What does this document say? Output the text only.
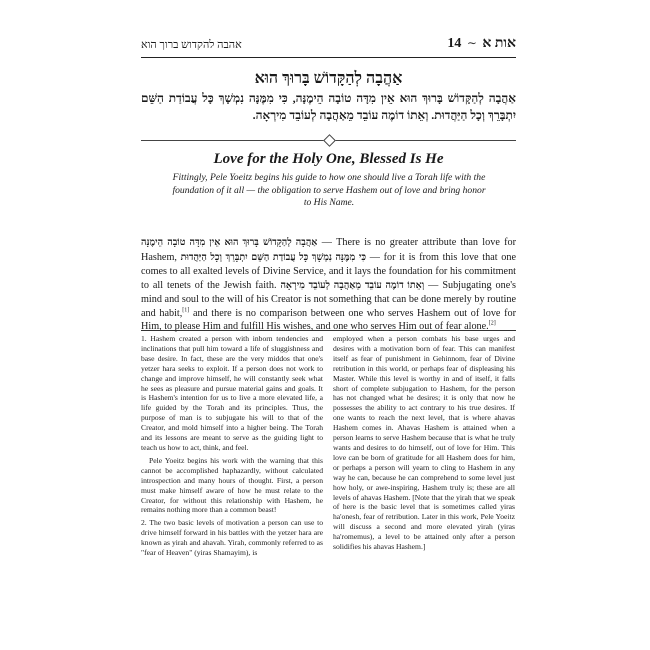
אהבה להקדוש ברוך הוא	אות א ∽ 14
אַהֲבָה לְהַקָּדוֹשׁ בָּרוּךְ הוּא
אַהֲבָה לְהַקָּדוֹשׁ בָּרוּךְ הוּא אֵין מִדָּה טוֹבָה הֵימֶנָּה, כִּי מִמֶּנָּה נִמְשָׁךְ כָּל עֲבוֹדַת הַשֵּׁם יִתְבָּרֵךְ וְכָל הַיַּהֲדוּת. וְאֵתוֹ דוֹמֶה עוֹבֵד מֵאַהֲבָה לְעוֹבֵד מִירְאָה.
Love for the Holy One, Blessed Is He
Fittingly, Pele Yoeitz begins his guide to how one should live a Torah life with the foundation of it all — the obligation to serve Hashem out of love and bring honor to His Name.
אַהֲבָה לְהַקָּדוֹשׁ בָּרוּךְ הוּא אֵין מִדָּה טוֹבָה הֵימֶנָּה — There is no greater attribute than love for Hashem, כִּי מִמֶּנָּה נִמְשָׁךְ כָּל עֲבוֹדַת הַשֵּׁם יִתְבָּרֵךְ וְכָל הַיַּהֲדוּת — for it is from this love that one comes to all exalted levels of Divine Service, and it lays the foundation for his commitment to all tenets of the Jewish faith. וְאֵתוֹ דוֹמֶה עוֹבֵד מֵאַהֲבָה לְעוֹבֵד מִירְאָה — Subjugating one's mind and soul to the will of his Creator is not something that can be done merely by routine and habit,[1] and there is no comparison between one who serves Hashem out of love for Him, to please Him and fulfill His wishes, and one who serves Him out of fear alone.[2]

1. Hashem created a person with inborn tendencies and inclinations that pull him toward a life of sluggishness and base desire. In fact, these are the very middos that one's yetzer hara seeks to exploit. If a person does not work to change and improve himself, he will constantly seek what he sees as pleasure and pursue material gains and goals. It is Hashem's intention for us to live a more elevated life, a life guided by the Torah and its principles. Thus, the purpose of man is to subjugate his will to that of the Creator, and mold himself into a higher being. The Torah and its lessons are meant to serve as the guiding light to teach us how to act, think, and feel.

Pele Yoeitz begins his work with the warning that this cannot be accomplished haphazardly, without calculated introspection and many hours of thought. First, a person must make himself aware of how he must relate to the Creator, for without this relationship with Hashem, he remains nothing more than a common beast!

2. The two basic levels of motivation a person can use to drive himself forward in his battles with the yetzer hara are known as yirah and ahavah. Yirah, commonly referred to as "fear of Heaven" (yiras Shamayim), is

employed when a person combats his base urges and desires with a motivation born of fear. This can manifest itself as fear of punishment in Gehinnom, fear of Divine retribution in this world, or perhaps fear of displeasing his Master. While this level is worthy in and of itself, it falls short of complete subjugation to Hashem, for the person has not changed what he desires; it is only that now he possesses the ability to act contrary to his true desires. If one wants to reach the next level, that is where ahavas Hashem comes in. Ahavas Hashem is attained when a person learns to serve Hashem because that is what he truly wants and desires to do himself, out of love for Him. This love can be born of gratitude for all Hashem does for him, or perhaps a person will yearn to cling to Hashem in any way he can, because he can comprehend to some level just how holy, or awe-inspiring, Hashem truly is; these are all levels of ahavas Hashem. [Note that the yirah that we speak of here is the basic level that is sometimes called yiras ha'onesh, fear of retribution. Later in this work, Pele Yoeitz will discuss a second and more elevated yirah (yiras ha'romemus), a level to be attained only after a person solidifies his ahavas Hashem.]
